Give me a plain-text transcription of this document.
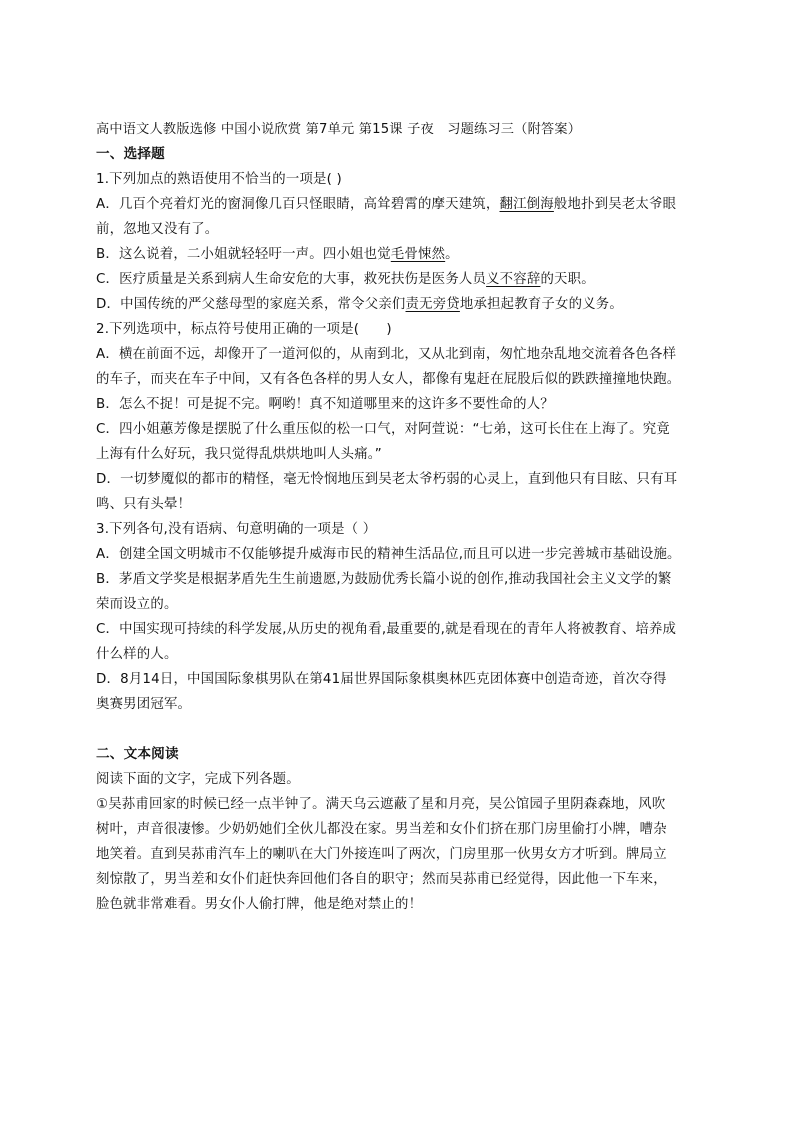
高中语文人教版选修 中国小说欣赏 第7单元 第15课 子夜　习题练习三（附答案）
一、选择题
1.下列加点的熟语使用不恰当的一项是( )
A．几百个亮着灯光的窗洞像几百只怪眼睛，高耸碧霄的摩天建筑，翻江倒海般地扑到吴老太爷眼
前，忽地又没有了。
B．这么说着，二小姐就轻轻吁一声。四小姐也觉毛骨悚然。
C．医疗质量是关系到病人生命安危的大事，救死扶伤是医务人员义不容辞的天职。
D．中国传统的严父慈母型的家庭关系，常令父亲们责无旁贷地承担起教育子女的义务。
2.下列选项中，标点符号使用正确的一项是(　　)
A．横在前面不远，却像开了一道河似的，从南到北，又从北到南，匆忙地杂乱地交流着各色各样
的车子，而夹在车子中间，又有各色各样的男人女人，都像有鬼赶在屁股后似的跌跌撞撞地快跑。
B．怎么不捉！可是捉不完。啊哟！真不知道哪里来的这许多不要性命的人？
C．四小姐蕙芳像是摆脱了什么重压似的松一口气，对阿萱说：“七弟，这可长住在上海了。究竟
上海有什么好玩，我只觉得乱烘烘地叫人头痛。”
D．一切梦魇似的都市的精怪，毫无怜悯地压到吴老太爷朽弱的心灵上，直到他只有目眩、只有耳
鸣、只有头晕！
3.下列各句,没有语病、句意明确的一项是（ ）
A．创建全国文明城市不仅能够提升威海市民的精神生活品位,而且可以进一步完善城市基础设施。
B．茅盾文学奖是根据茅盾先生生前遗愿,为鼓励优秀长篇小说的创作,推动我国社会主义文学的繁
荣而设立的。
C．中国实现可持续的科学发展,从历史的视角看,最重要的,就是看现在的青年人将被教育、培养成
什么样的人。
D．8月14日，中国国际象棋男队在第41届世界国际象棋奥林匹克团体赛中创造奇迹，首次夺得
奥赛男团冠军。
二、文本阅读
阅读下面的文字，完成下列各题。
①吴荪甫回家的时候已经一点半钟了。满天乌云遮蔽了星和月亮，吴公馆园子里阴森森地，风吹
树叶，声音很凄惨。少奶奶她们全伙儿都没在家。男当差和女仆们挤在那门房里偷打小牌，嘈杂
地笑着。直到吴荪甫汽车上的喇叭在大门外接连叫了两次，门房里那一伙男女方才听到。牌局立
刻惊散了，男当差和女仆们赶快奔回他们各自的职守；然而吴荪甫已经觉得，因此他一下车来，
脸色就非常难看。男女仆人偷打牌，他是绝对禁止的！
